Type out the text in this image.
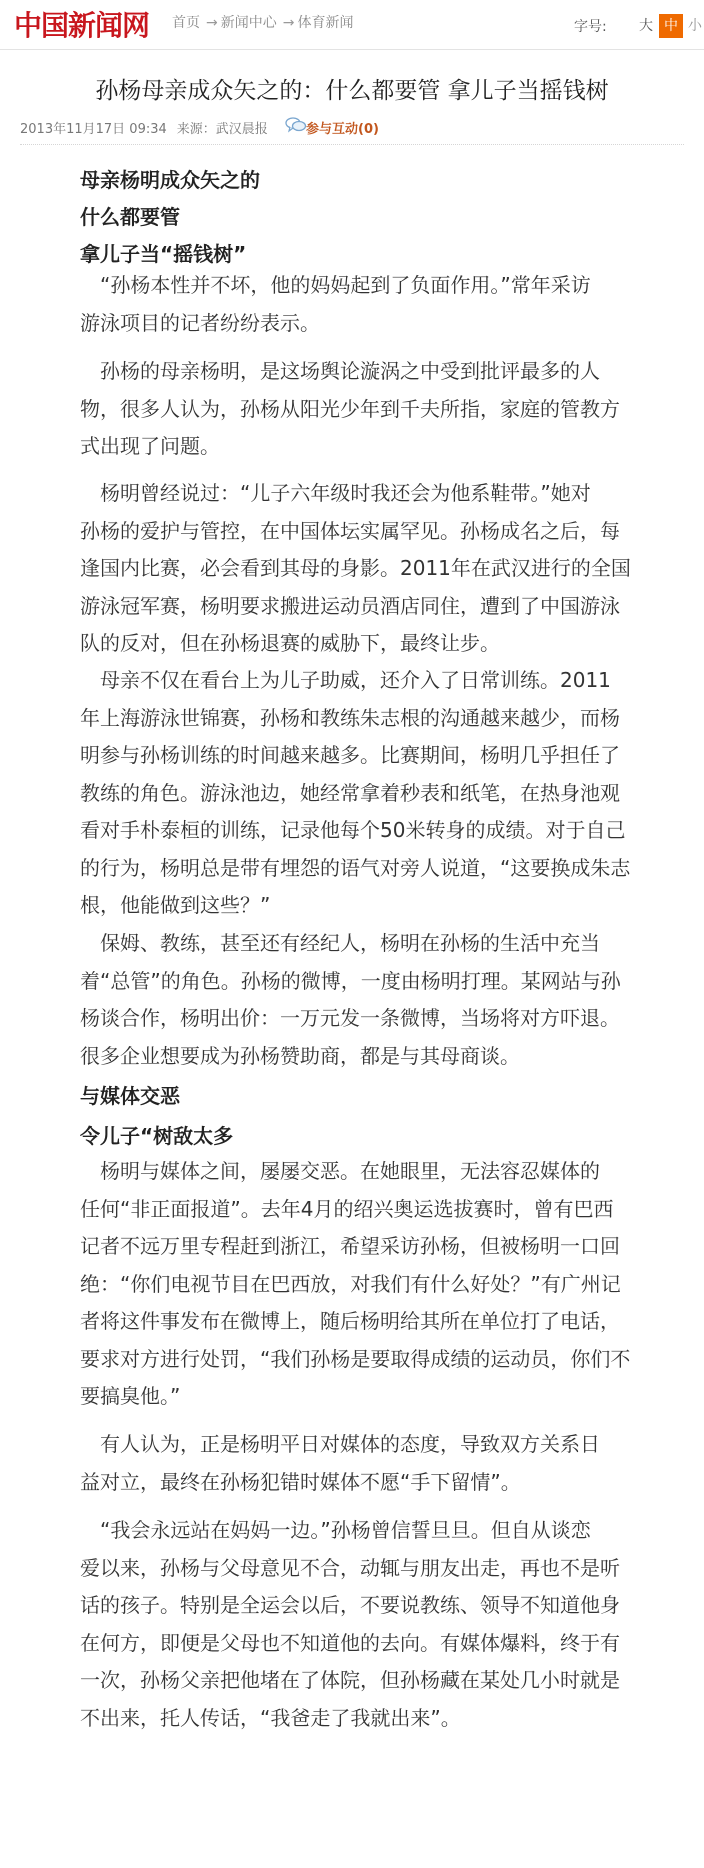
中国新闻网 首页 → 新闻中心 → 体育新闻	字号:	大 中 小
孙杨母亲成众矢之的：什么都要管 拿儿子当摇钱树
2013年11月17日 09:34 来源：武汉晨报	参与互动(0)
母亲杨明成众矢之的
什么都要管
拿儿子当“摇钱树”
“孙杨本性并不坏，他的妈妈起到了负面作用。”常年采访
游泳项目的记者纷纷表示。
孙杨的母亲杨明，是这场舆论漩涡之中受到批评最多的人
物，很多人认为，孙杨从阳光少年到千夫所指，家庭的管教方
式出现了问题。
杨明曾经说过：“儿子六年级时我还会为他系鞋带。”她对
孙杨的爱护与管控，在中国体坛实属罕见。孙杨成名之后，每
逢国内比赛，必会看到其母的身影。2011年在武汉进行的全国
游泳冠军赛，杨明要求搬进运动员酒店同住，遭到了中国游泳
队的反对，但在孙杨退赛的威胁下，最终让步。
母亲不仅在看台上为儿子助威，还介入了日常训练。2011
年上海游泳世锦赛，孙杨和教练朱志根的沟通越来越少，而杨
明参与孙杨训练的时间越来越多。比赛期间，杨明几乎担任了
教练的角色。游泳池边，她经常拿着秒表和纸笔，在热身池观
看对手朴泰桓的训练，记录他每个50米转身的成绩。对于自己
的行为，杨明总是带有埋怨的语气对旁人说道，“这要换成朱志
根，他能做到这些？”
保姆、教练，甚至还有经纪人，杨明在孙杨的生活中充当
着“总管”的角色。孙杨的微博，一度由杨明打理。某网站与孙
杨谈合作，杨明出价：一万元发一条微博，当场将对方吓退。
很多企业想要成为孙杨赞助商，都是与其母商谈。
与媒体交恶
令儿子“树敌太多
杨明与媒体之间，屡屡交恶。在她眼里，无法容忍媒体的
任何“非正面报道”。去年4月的绍兴奥运选拔赛时，曾有巴西
记者不远万里专程赶到浙江，希望采访孙杨，但被杨明一口回
绝：“你们电视节目在巴西放，对我们有什么好处？”有广州记
者将这件事发布在微博上，随后杨明给其所在单位打了电话，
要求对方进行处罚，“我们孙杨是要取得成绩的运动员，你们不
要搞臭他。”
有人认为，正是杨明平日对媒体的态度，导致双方关系日
益对立，最终在孙杨犯错时媒体不愿“手下留情”。
“我会永远站在妈妈一边。”孙杨曾信誓旦旦。但自从谈恋
爱以来，孙杨与父母意见不合，动辄与朋友出走，再也不是听
话的孩子。特别是全运会以后，不要说教练、领导不知道他身
在何方，即便是父母也不知道他的去向。有媒体爆料，终于有
一次，孙杨父亲把他堵在了体院，但孙杨藏在某处几小时就是
不出来，托人传话，“我爸走了我就出来”。
